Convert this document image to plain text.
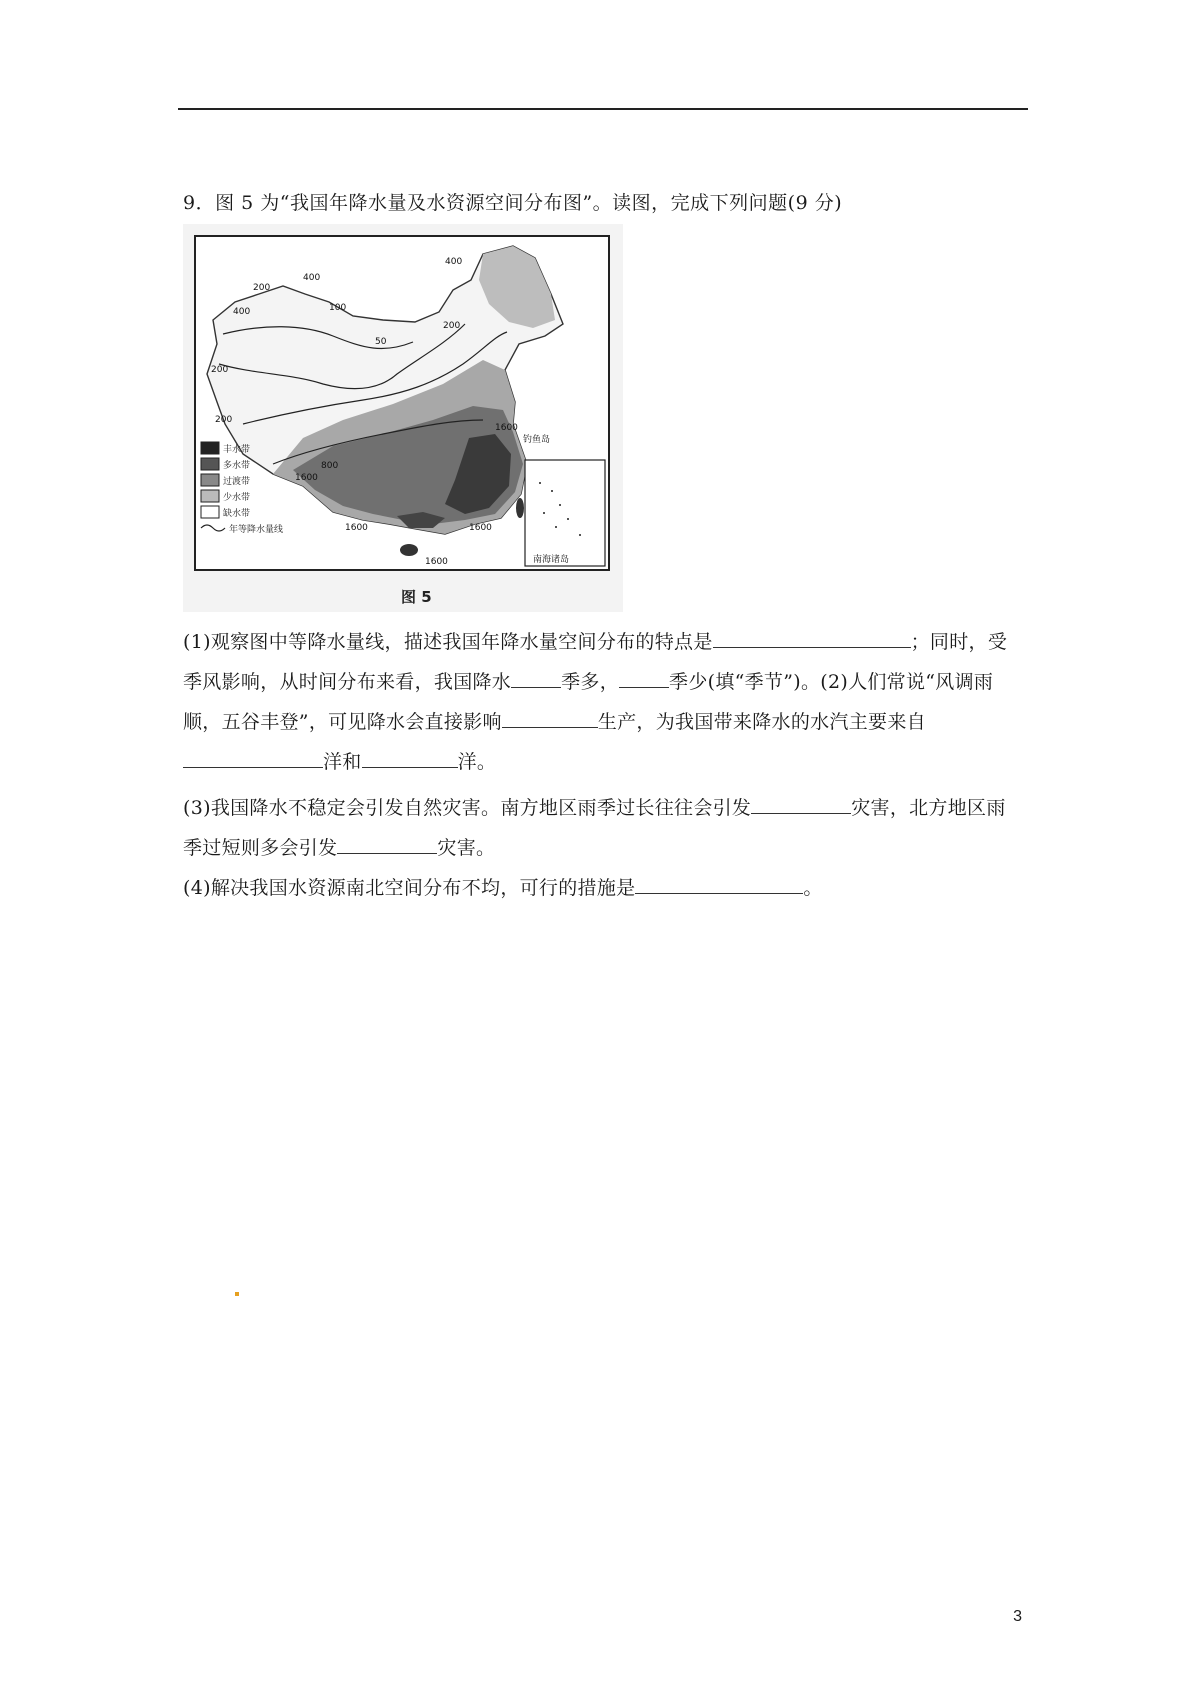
9．图 5 为“我国年降水量及水资源空间分布图”。读图，完成下列问题(9 分)
400
400
200
400
200
50
100
200
200
800
1600
1600
1600	1600
1600
钓鱼岛
南海诸岛
丰水带
多水带
过渡带
少水带
缺水带
年等降水量线
图 5
(1)观察图中等降水量线，描述我国年降水量空间分布的特点是	；同时，受季风影响，从时间分布来看，我国降水	季多，	季少(填“季节”)。(2)人们常说“风调雨顺，五谷丰登”，可见降水会直接影响	生产，为我国带来降水的水汽主要来自洋和	洋。
(3)我国降水不稳定会引发自然灾害。南方地区雨季过长往往会引发	灾害，北方地区雨季过短则多会引发	灾害。
(4)解决我国水资源南北空间分布不均，可行的措施是	。
3
